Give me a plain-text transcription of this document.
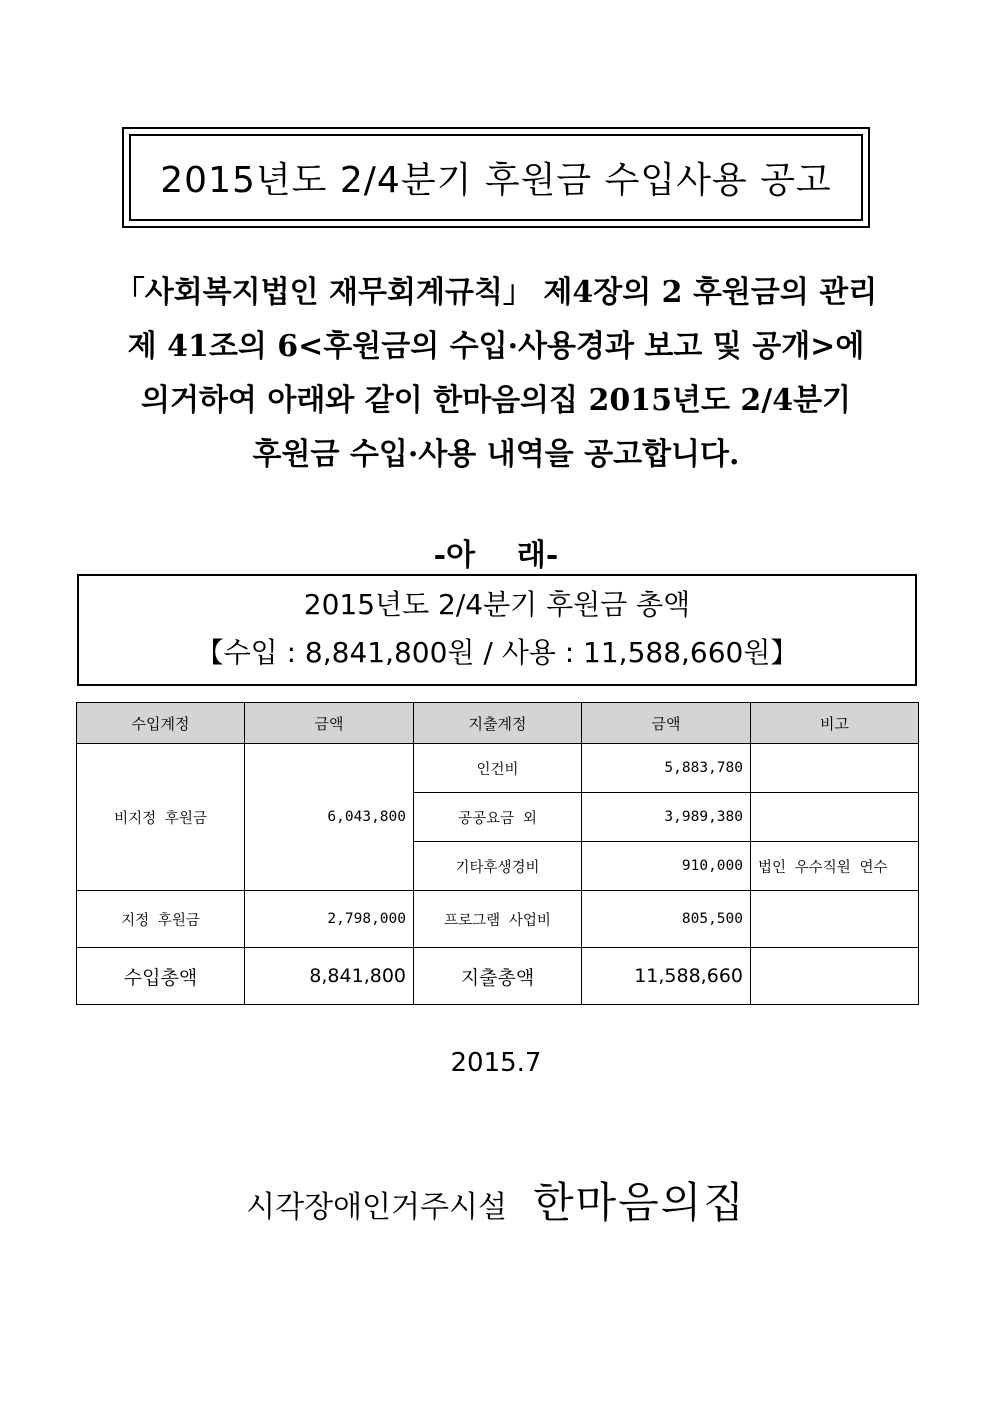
2015년도 2/4분기 후원금 수입사용 공고
「사회복지법인 재무회계규칙」 제4장의 2 후원금의 관리
제 41조의 6<후원금의 수입·사용경과 보고 및 공개>에
의거하여 아래와 같이 한마음의집 2015년도 2/4분기
후원금 수입·사용 내역을 공고합니다.
-아    래-
2015년도 2/4분기 후원금 총액
【수입 : 8,841,800원 / 사용 : 11,588,660원】
수입계정	금액	지출계정	금액	비고
비지정 후원금	6,043,800	인건비	5,883,780	
		공공요금 외	3,989,380	
		기타후생경비	910,000	법인 우수직원 연수
지정 후원금	2,798,000	프로그램 사업비	805,500	
수입총액	8,841,800	지출총액	11,588,660	
2015.7
시각장애인거주시설 한마음의집
